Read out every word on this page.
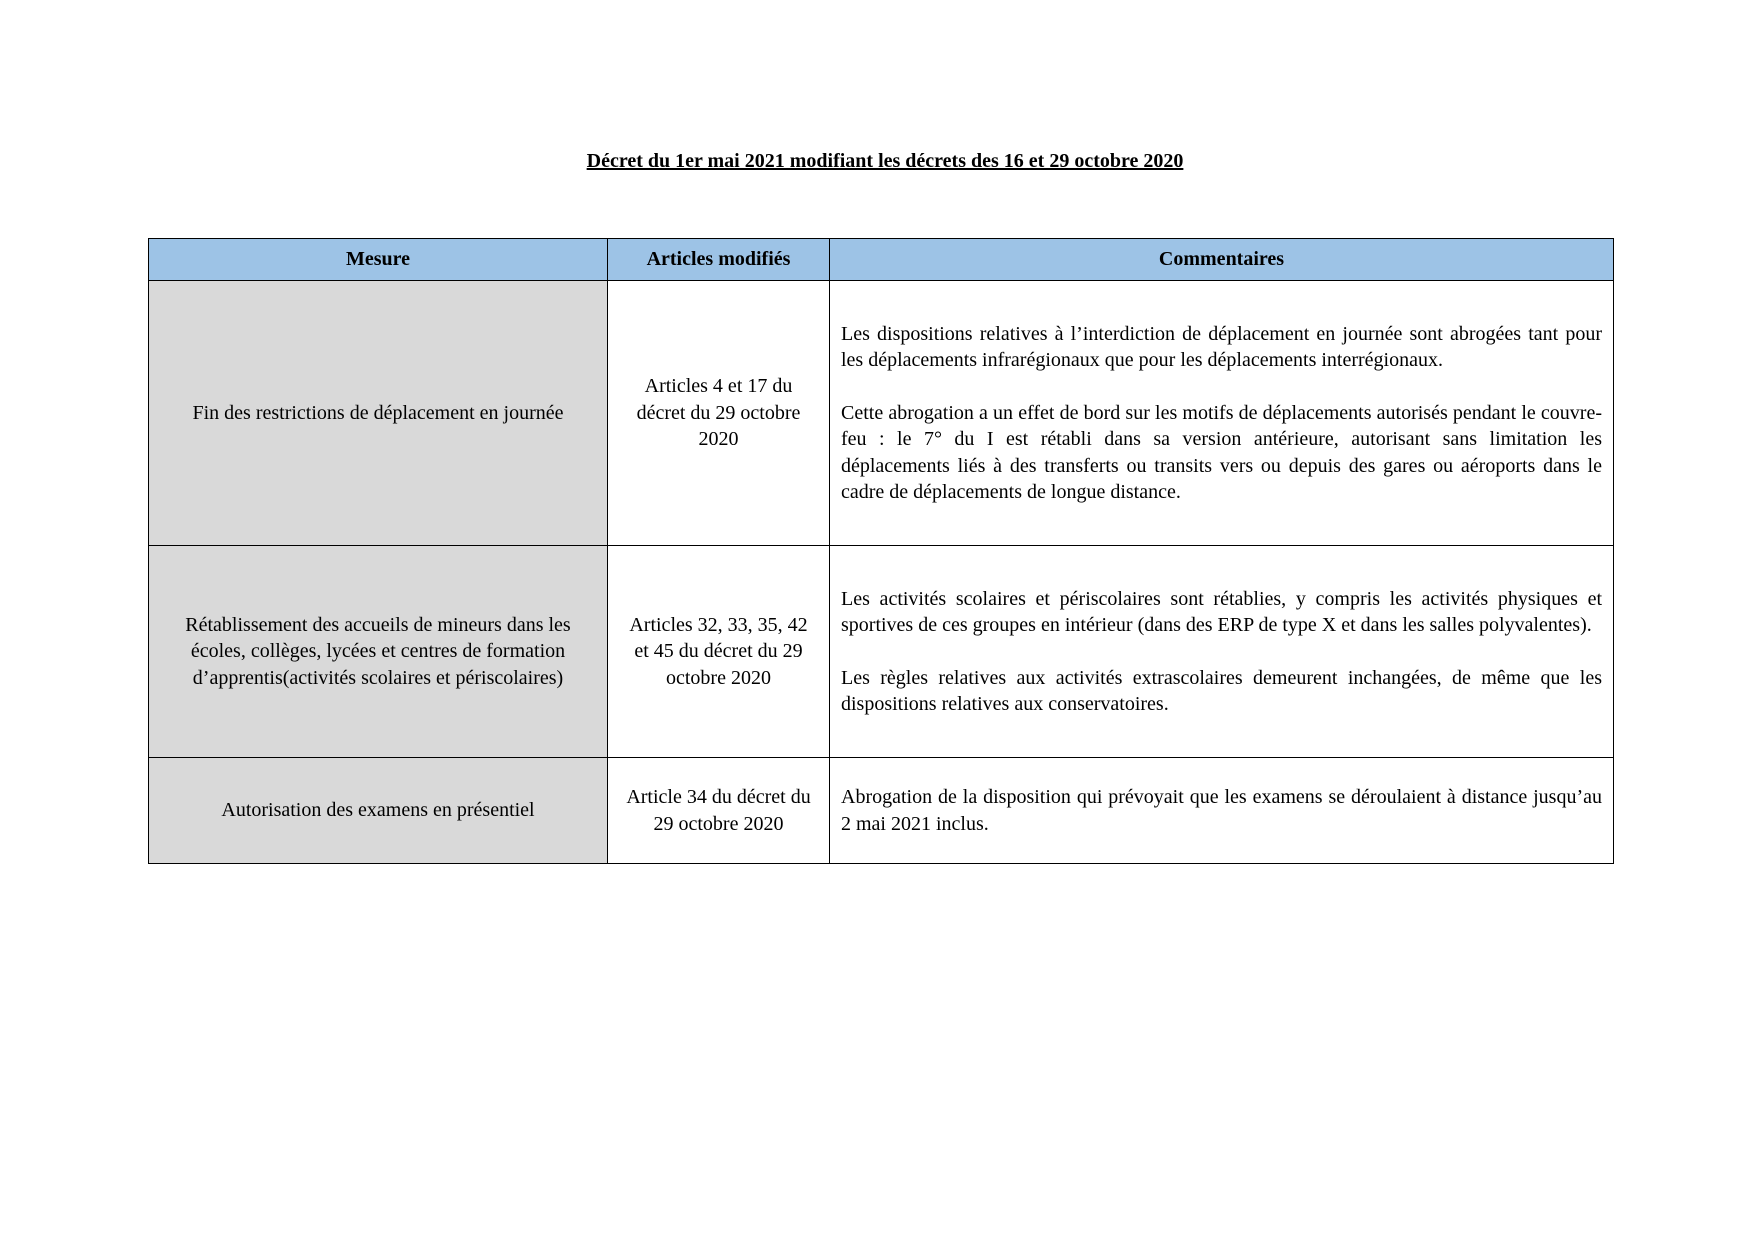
Décret du 1er mai 2021 modifiant les décrets des 16 et 29 octobre 2020
Mesure	Articles modifiés	Commentaires
Fin des restrictions de déplacement en journée	Articles 4 et 17 du décret du 29 octobre 2020	Les dispositions relatives à l’interdiction de déplacement en journée sont abrogées tant pour les déplacements infrarégionaux que pour les déplacements interrégionaux.

Cette abrogation a un effet de bord sur les motifs de déplacements autorisés pendant le couvre-feu : le 7° du I est rétabli dans sa version antérieure, autorisant sans limitation les déplacements liés à des transferts ou transits vers ou depuis des gares ou aéroports dans le cadre de déplacements de longue distance.

Rétablissement des accueils de mineurs dans les écoles, collèges, lycées et centres de formation d’apprentis(activités scolaires et périscolaires)	Articles 32, 33, 35, 42 et 45 du décret du 29 octobre 2020	Les activités scolaires et périscolaires sont rétablies, y compris les activités physiques et sportives de ces groupes en intérieur (dans des ERP de type X et dans les salles polyvalentes).

Les règles relatives aux activités extrascolaires demeurent inchangées, de même que les dispositions relatives aux conservatoires.

Autorisation des examens en présentiel	Article 34 du décret du 29 octobre 2020	Abrogation de la disposition qui prévoyait que les examens se déroulaient à distance jusqu’au 2 mai 2021 inclus.
